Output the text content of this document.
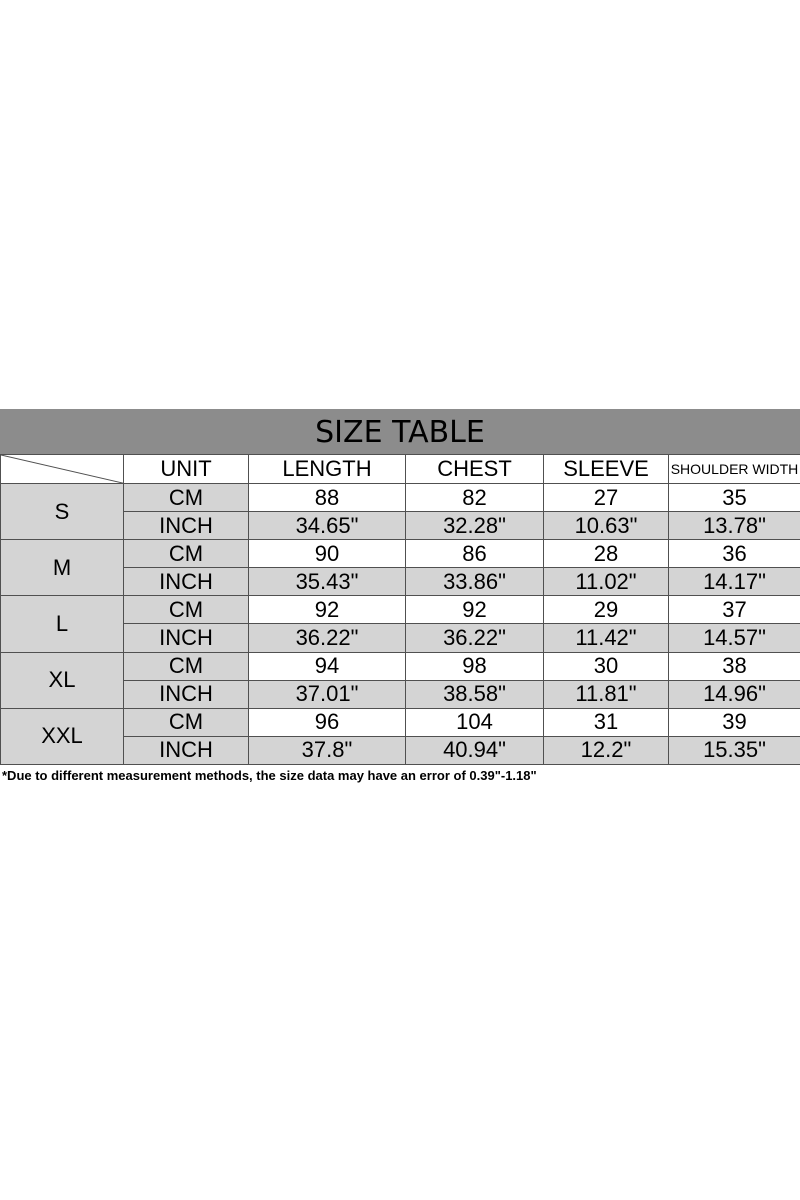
SIZE TABLE
	UNIT	LENGTH	CHEST	SLEEVE	SHOULDER WIDTH
S	CM	88	82	27	35
	INCH	34.65"	32.28"	10.63"	13.78"
M	CM	90	86	28	36
	INCH	35.43"	33.86"	11.02"	14.17"
L	CM	92	92	29	37
	INCH	36.22"	36.22"	11.42"	14.57"
XL	CM	94	98	30	38
	INCH	37.01"	38.58"	11.81"	14.96"
XXL	CM	96	104	31	39
	INCH	37.8"	40.94"	12.2"	15.35"
*Due to different measurement methods, the size data may have an error of 0.39"-1.18"
